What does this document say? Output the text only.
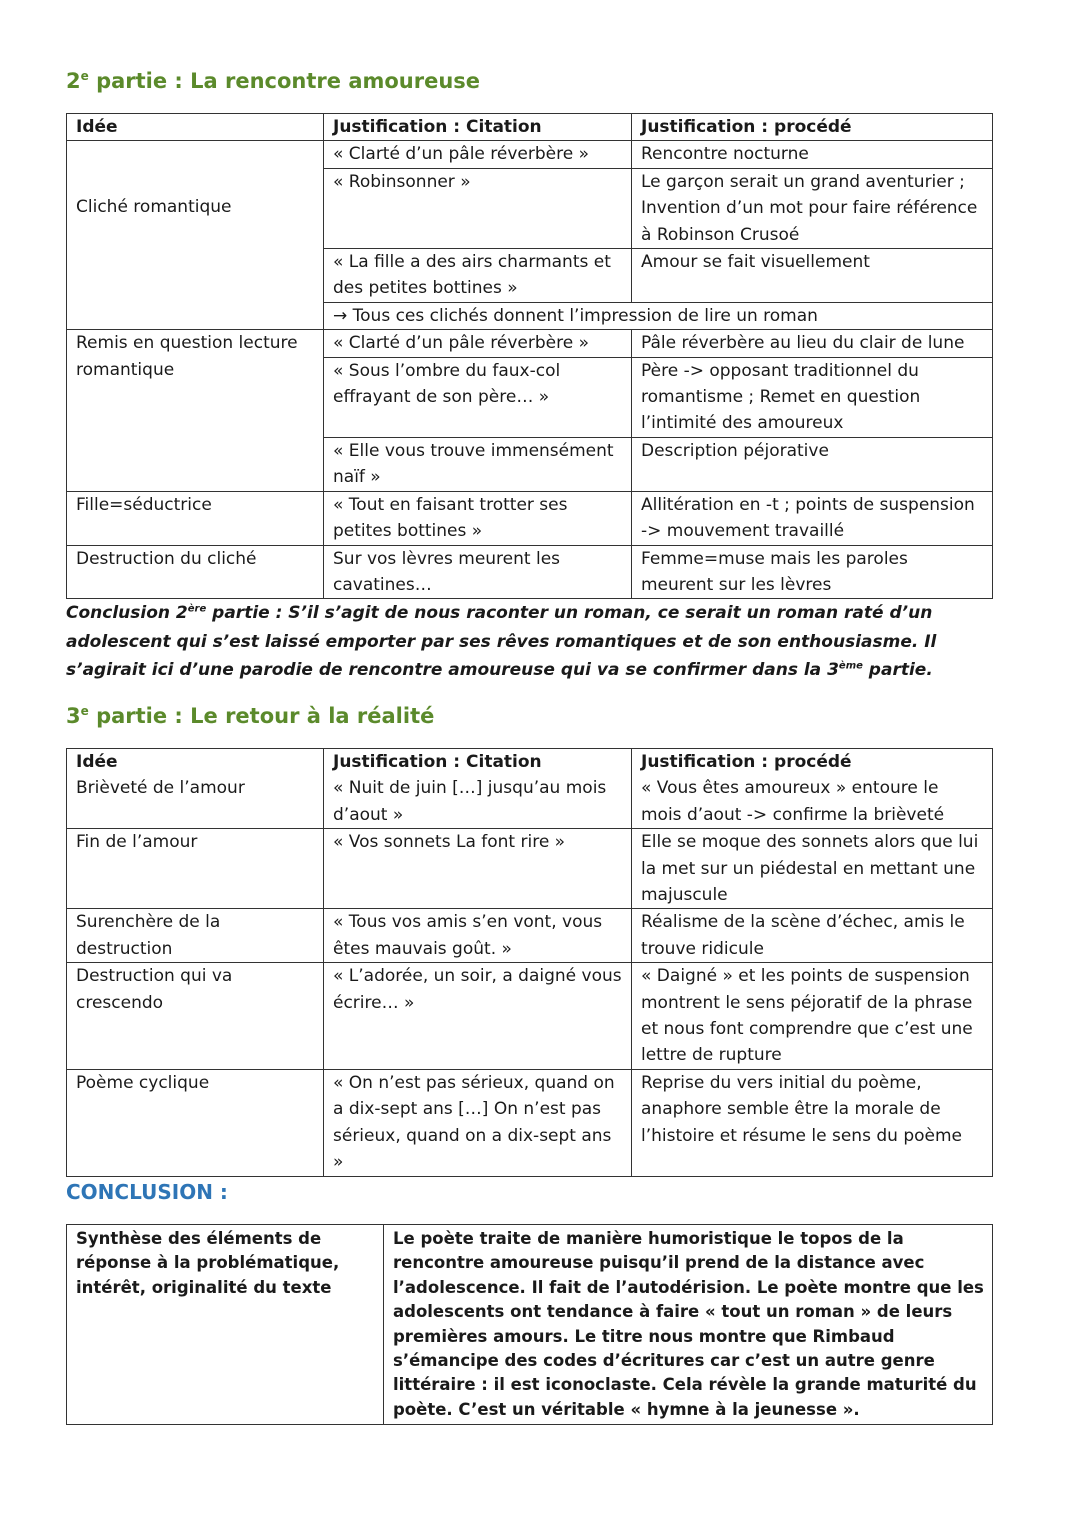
2e partie : La rencontre amoureuse
Idée	Justification : Citation	Justification : procédé
Cliché romantique	« Clarté d’un pâle réverbère »	Rencontre nocturne
	« Robinsonner »	Le garçon serait un grand aventurier ; Invention d’un mot pour faire référence à Robinson Crusoé
	« La fille a des airs charmants et des petites bottines »	Amour se fait visuellement
	→ Tous ces clichés donnent l’impression de lire un roman	
Remis en question lecture romantique	« Clarté d’un pâle réverbère »	Pâle réverbère au lieu du clair de lune
	« Sous l’ombre du faux-col effrayant de son père… »	Père -> opposant traditionnel du romantisme ; Remet en question l’intimité des amoureux
	« Elle vous trouve immensément naïf »	Description péjorative
Fille=séductrice	« Tout en faisant trotter ses petites bottines »	Allitération en -t ; points de suspension -> mouvement travaillé
Destruction du cliché	Sur vos lèvres meurent les cavatines…	Femme=muse mais les paroles meurent sur les lèvres

Conclusion 2ère partie : S’il s’agit de nous raconter un roman, ce serait un roman raté d’un adolescent qui s’est laissé emporter par ses rêves romantiques et de son enthousiasme. Il s’agirait ici d’une parodie de rencontre amoureuse qui va se confirmer dans la 3ème partie.

3e partie : Le retour à la réalité
Idée	Justification : Citation	Justification : procédé
Brièveté de l’amour	« Nuit de juin […] jusqu’au mois d’aout »	« Vous êtes amoureux » entoure le mois d’aout -> confirme la brièveté
Fin de l’amour	« Vos sonnets La font rire »	Elle se moque des sonnets alors que lui la met sur un piédestal en mettant une majuscule
Surenchère de la destruction	« Tous vos amis s’en vont, vous êtes mauvais goût. »	Réalisme de la scène d’échec, amis le trouve ridicule
Destruction qui va crescendo	« L’adorée, un soir, a daigné vous écrire… »	« Daigné » et les points de suspension montrent le sens péjoratif de la phrase et nous font comprendre que c’est une lettre de rupture
Poème cyclique	« On n’est pas sérieux, quand on a dix-sept ans […] On n’est pas sérieux, quand on a dix-sept ans »	Reprise du vers initial du poème, anaphore semble être la morale de l’histoire et résume le sens du poème

CONCLUSION :

Synthèse des éléments de réponse à la problématique, intérêt, originalité du texte	Le poète traite de manière humoristique le topos de la rencontre amoureuse puisqu’il prend de la distance avec l’adolescence. Il fait de l’autodérision. Le poète montre que les adolescents ont tendance à faire « tout un roman » de leurs premières amours. Le titre nous montre que Rimbaud s’émancipe des codes d’écritures car c’est un autre genre littéraire : il est iconoclaste. Cela révèle la grande maturité du poète. C’est un véritable « hymne à la jeunesse ».
